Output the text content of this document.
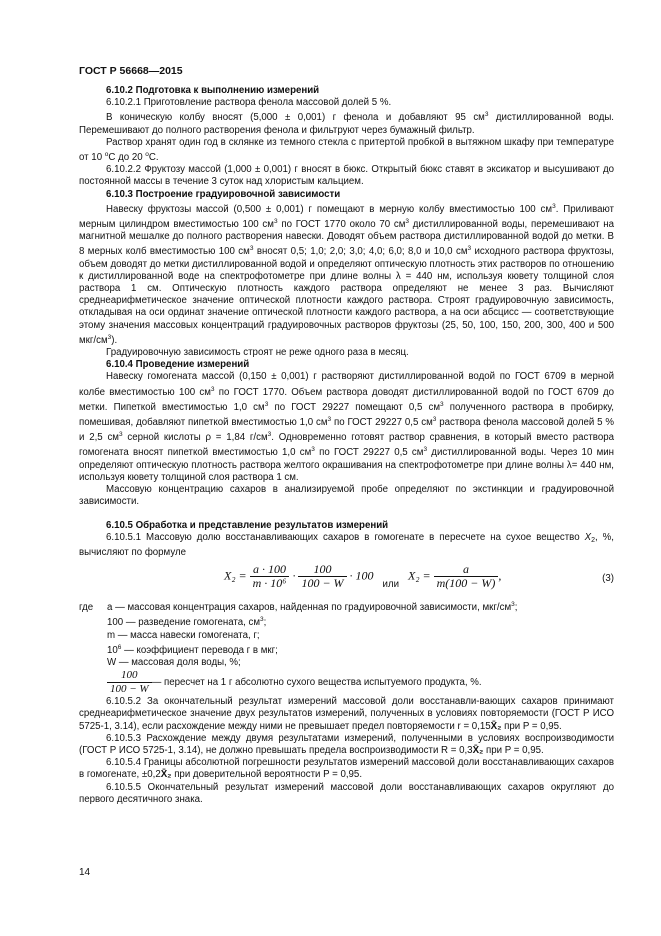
ГОСТ Р 56668—2015

6.10.2 Подготовка к выполнению измерений

6.10.2.1 Приготовление раствора фенола массовой долей 5 %.

В коническую колбу вносят (5,000 ± 0,001) г фенола и добавляют 95 $см^3$ дистиллированной воды. Перемешивают до полного растворения фенола и фильтруют через бумажный фильтр.

Раствор хранят один год в склянке из темного стекла с притертой пробкой в вытяжном шкафу при температуре от 10 $^o$С до 20 $^o$С.

6.10.2.2 Фруктозу массой (1,000 ± 0,001) г вносят в бюкс. Открытый бюкс ставят в эксикатор и высушивают до постоянной массы в течение 3 суток над хлористым кальцием.

6.10.3 Построение градуировочной зависимости

Навеску фруктозы массой (0,500 ± 0,001) г помещают в мерную колбу вместимостью 100 $см^3$. Приливают мерным цилиндром вместимостью 100 $см^3$ по ГОСТ 1770 около 70 $см^3$ дистиллированной воды, перемешивают на магнитной мешалке до полного растворения навески. Доводят объем раствора дистиллированной водой до метки. В 8 мерных колб вместимостью 100 $см^3$ вносят 0,5; 1,0; 2,0; 3,0; 4,0; 6,0; 8,0 и 10,0 $см^3$ исходного раствора фруктозы, объем доводят до метки дистиллированной водой и определяют оптическую плотность этих растворов по отношению к дистиллированной воде на спектрофотометре при длине волны λ = 440 нм, используя кювету толщиной слоя раствора 1 см. Оптическую плотность каждого раствора определяют не менее 3 раз. Вычисляют среднеарифметическое значение оптической плотности каждого раствора. Строят градуировочную зависимость, откладывая на оси ординат значение оптической плотности каждого раствора, а на оси абсцисс — соответствующие этому значения массовых концентраций градуировочных растворов фруктозы (25, 50, 100, 150, 200, 300, 400 и 500 мкг/$см^3$).

Градуировочную зависимость строят не реже одного раза в месяц.

6.10.4 Проведение измерений

Навеску гомогената массой (0,150 ± 0,001) г растворяют дистиллированной водой по ГОСТ 6709 в мерной колбе вместимостью 100 $см^3$ по ГОСТ 1770. Объем раствора доводят дистиллированной водой по ГОСТ 6709 до метки. Пипеткой вместимостью 1,0 $см^3$ по ГОСТ 29227 помещают 0,5 $см^3$ полученного раствора в пробирку, помешивая, добавляют пипеткой вместимостью 1,0 $см^3$ по ГОСТ 29227 0,5 $см^3$ раствора фенола массовой долей 5 % и 2,5 $см^3$ серной кислоты ρ = 1,84 $г/см^3$. Одновременно готовят раствор сравнения, в который вместо раствора гомогената вносят пипеткой вместимостью 1,0 $см^3$ по ГОСТ 29227 0,5 $см^3$ дистиллированной воды. Через 10 мин определяют оптическую плотность раствора желтого окрашивания на спектрофотометре при длине волны λ= 440 нм, используя кювету толщиной слоя раствора 1 см.

Массовую концентрацию сахаров в анализируемой пробе определяют по экстинкции и градуировочной зависимости.

6.10.5 Обработка и представление результатов измерений

6.10.5.1 Массовую долю восстанавливающих сахаров в гомогенате в пересчете на сухое вещество $X_2$, %, вычисляют по формуле

$X_2 = \frac{a \cdot 100}{\text{m · 10⁶}} \cdot \frac{100}{100 - W} \cdot 100$ $_{или}$ $X_2 = \frac{a}{m(100 - W)}$ ,	(3)

где a — массовая концентрация сахаров, найденная по градуировочной зависимости, мкг/$см^3$;

100 — разведение гомогената, $см^3$;

m — масса навески гомогената, г;

$10^6$ — коэффициент перевода г в мкг;

W — массовая доля воды, %;

$\frac{100}{100 - W}$ — пересчет на 1 г абсолютно сухого вещества испытуемого продукта, %.

6.10.5.2 За окончательный результат измерений массовой доли восстанавли-вающих сахаров принимают среднеарифметическое значение двух результатов измерений, полученных в условиях повторяемости (ГОСТ Р ИСО 5725-1, 3.14), если расхождение между ними не превышает предел повторяемости r = 0,15X̄₂ при P = 0,95.

6.10.5.3 Расхождение между двумя результатами измерений, полученными в условиях воспроизводимости (ГОСТ Р ИСО 5725-1, 3.14), не должно превышать предела воспроизводимости R = 0,3X̄₂ при P = 0,95.

6.10.5.4 Границы абсолютной погрешности результатов измерений массовой доли восстанавливающих сахаров в гомогенате, ±0,2X̄₂ при доверительной вероятности P = 0,95.

6.10.5.5 Окончательный результат измерений массовой доли восстанавливающих сахаров округляют до первого десятичного знака.

14
